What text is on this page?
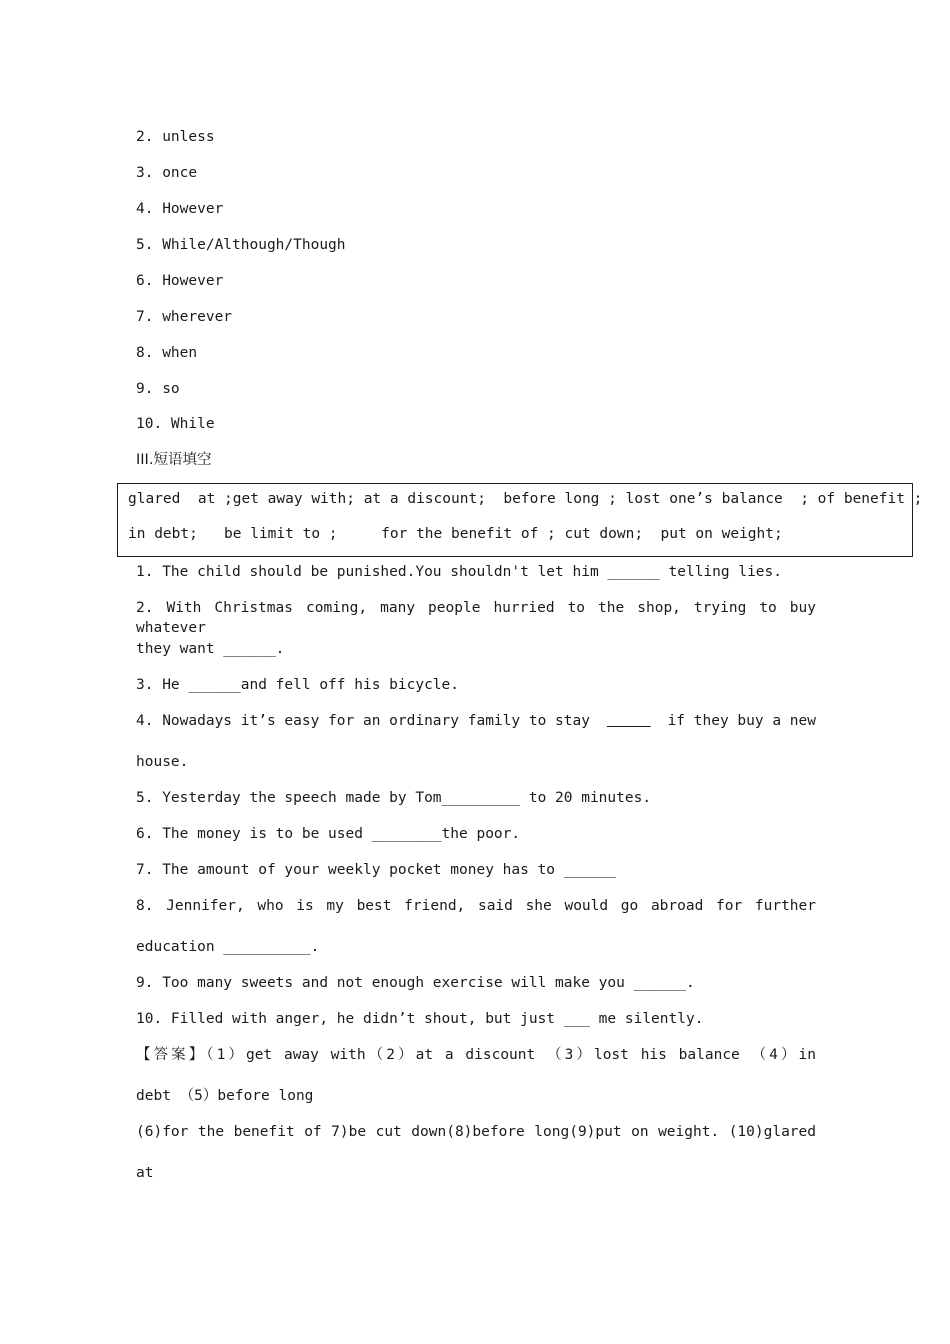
2. unless
3. once
4. However
5. While/Although/Though
6. However
7. wherever
8. when
9. so
10. While
III.短语填空
glared  at ;get away with; at a discount;  before long ; lost one’s balance  ; of benefit ;
in debt;   be limit to ;     for the benefit of ; cut down;  put on weight;
1. The child should be punished.You shouldn't let him ______ telling lies.
2. With Christmas coming, many people hurried to the shop, trying to buy whatever
they want ______.
3. He ______and fell off his bicycle.
4. Nowadays it’s easy for an ordinary family to stay
	if they buy a new
house.
5. Yesterday the speech made by Tom_________ to 20 minutes.
6. The money is to be used ________the poor.
7. The amount of your weekly pocket money has to ______
8. Jennifer, who is my best friend, said she would go abroad for further
education __________.
9. Too many sweets and not enough exercise will make you ______.
10. Filled with anger, he didn’t shout, but just ___ me silently.
【答案】（1）get away with（2）at a discount （3）lost his balance （4）in
debt （5）before long
(6)for the benefit of 7)be cut down(8)before long(9)put on weight. (10)glared
at
